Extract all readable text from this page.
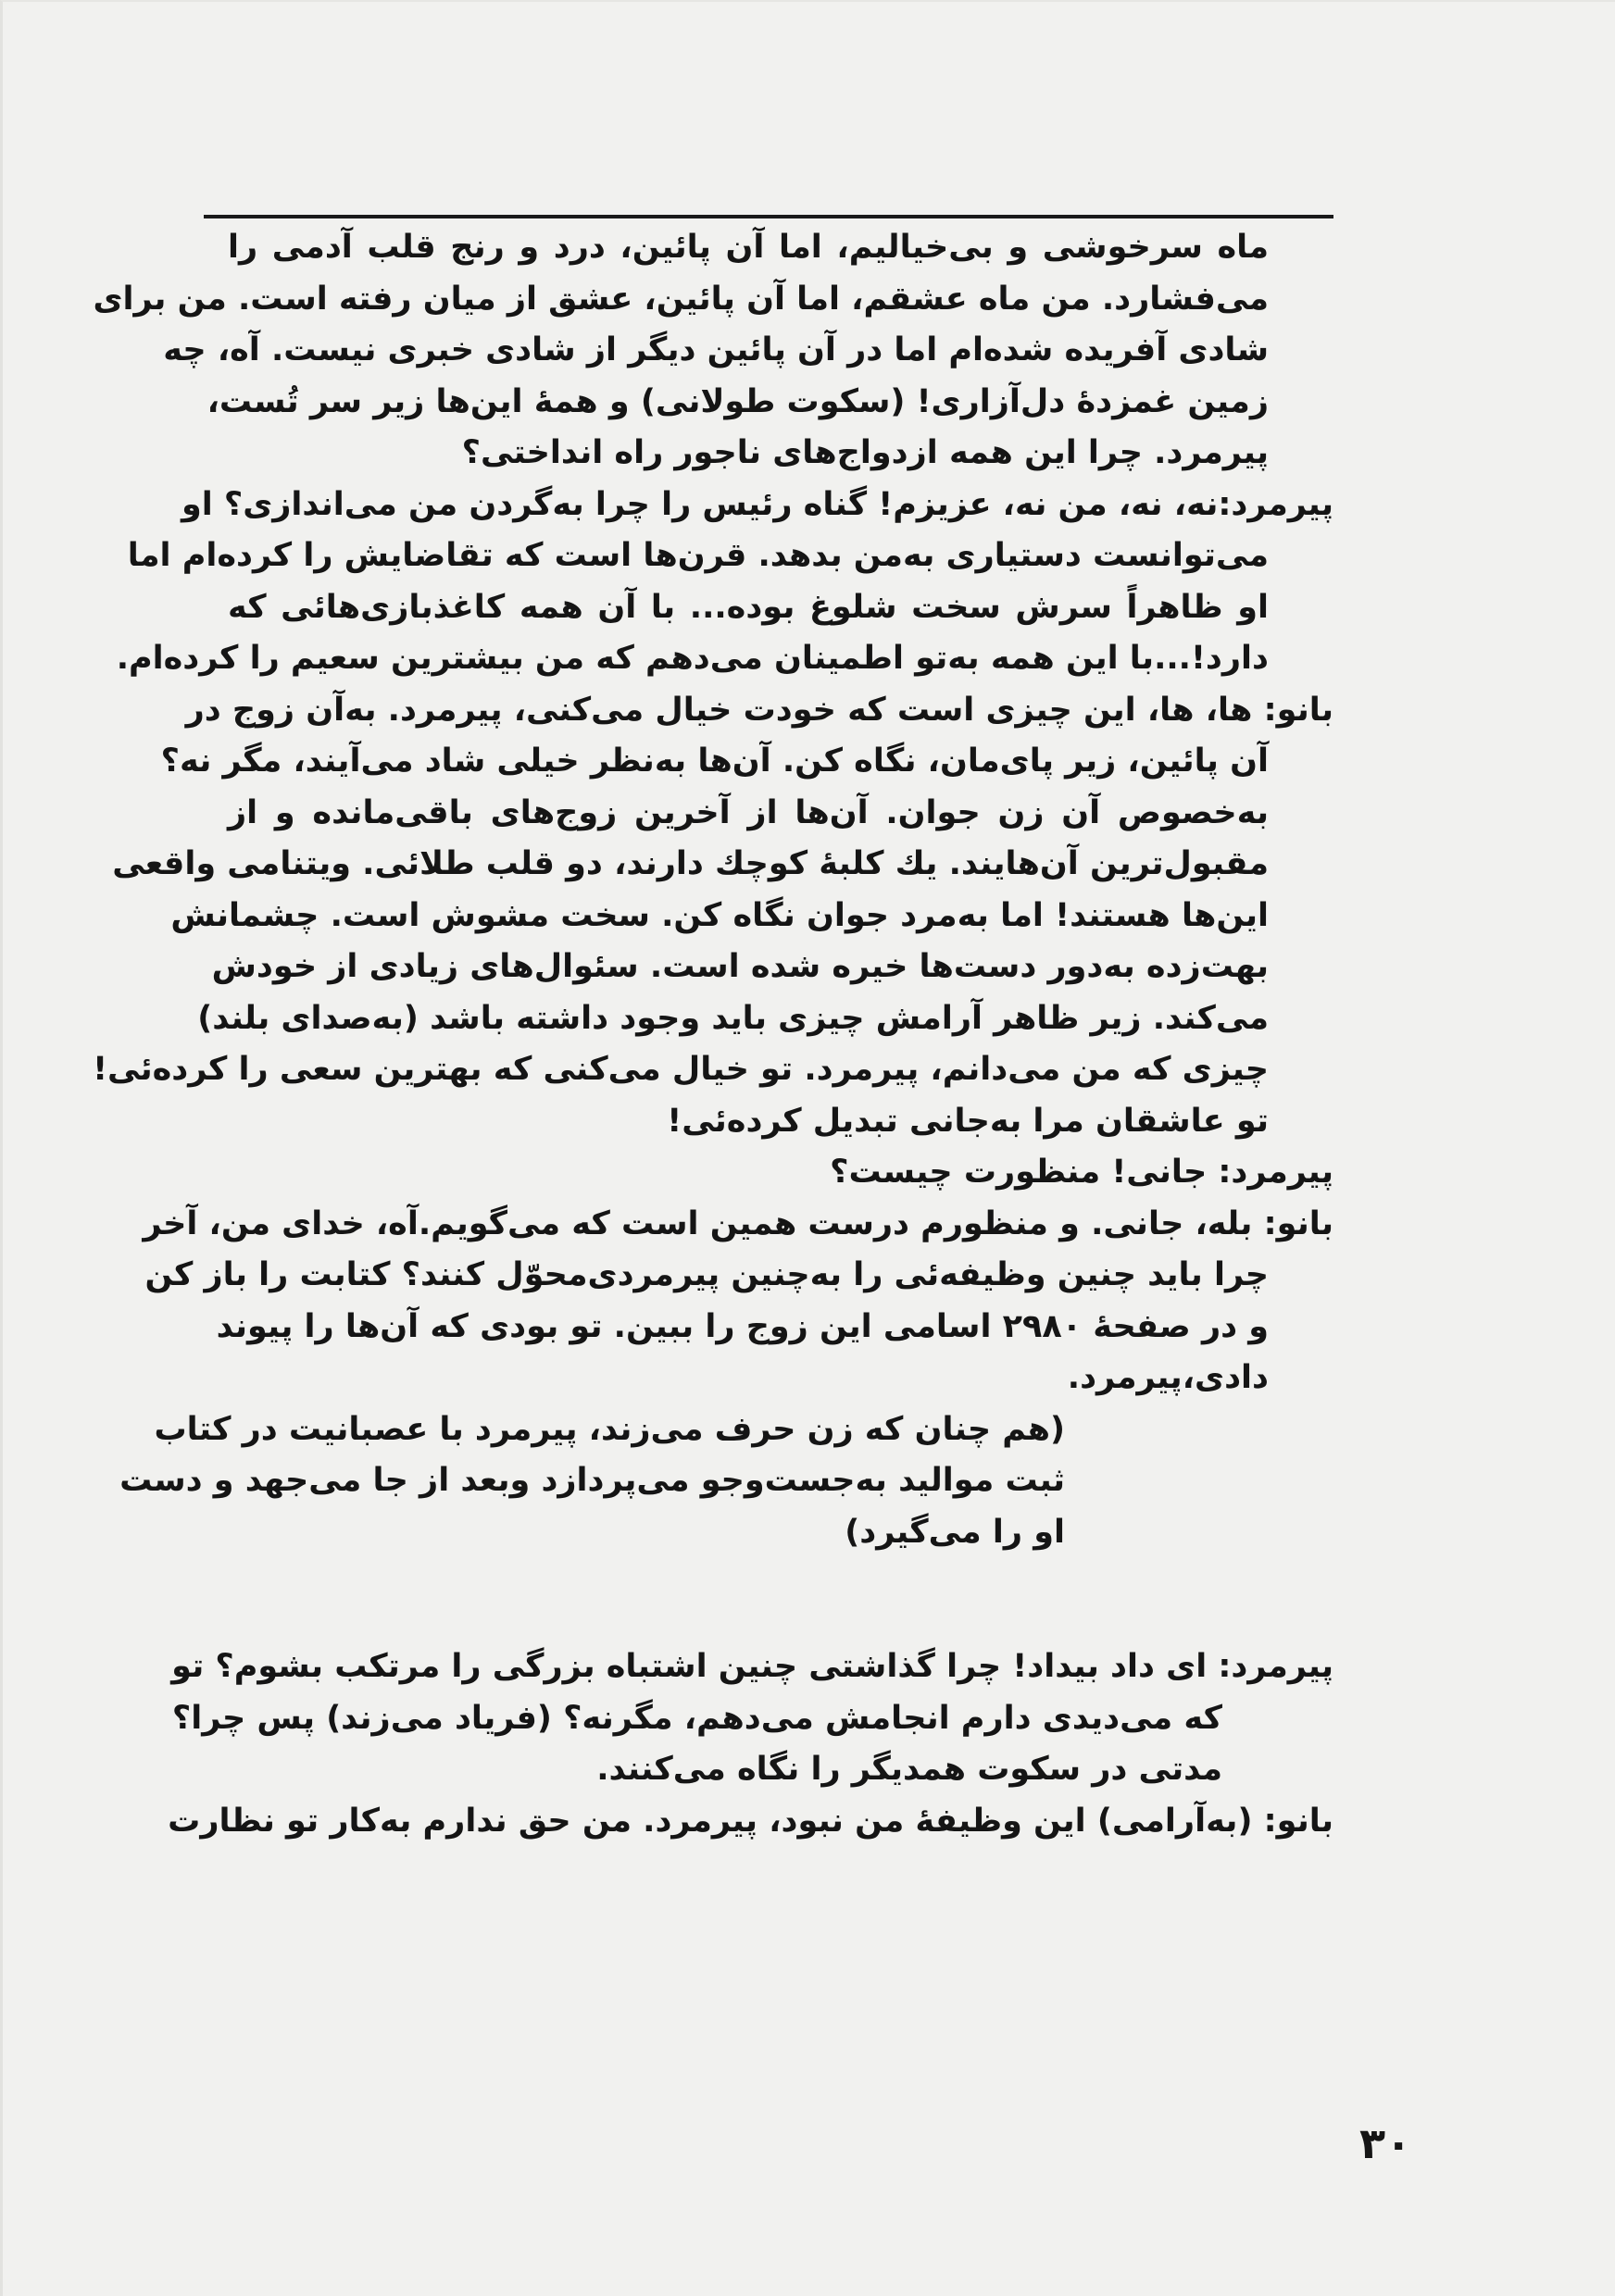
ماه سرخوشی و بی‌خیالیم، اما آن پائین، درد و رنج قلب آدمی را
می‌فشارد. من ماه عشقم، اما آن پائین، عشق از میان رفته است. من برای
شادی آفریده شده‌ام اما در آن پائین دیگر از شادی خبری نیست. آه، چه
زمین غمزدهٔ دل‌آزاری! (سکوت طولانی) و همهٔ این‌ها زیر سر تُست،
پیرمرد. چرا این همه ازدواج‌های ناجور راه انداختی؟
پیرمرد:نه، نه، من نه، عزیزم! گناه رئیس را چرا به‌گردن من می‌اندازی؟ او
می‌توانست دستیاری به‌من بدهد. قرن‌ها است که تقاضایش را کرده‌ام اما
او ظاهراً سرش سخت شلوغ بوده... با آن همه کاغذبازی‌هائی که
دارد!...با این همه به‌تو اطمینان می‌دهم که من بیشترین سعیم را کرده‌ام.
بانو: ها، ها، این چیزی است که خودت خیال می‌کنی، پیرمرد. به‌آن زوج در
آن پائین، زیر پای‌مان، نگاه کن. آن‌ها به‌نظر خیلی شاد می‌آیند، مگر نه؟
به‌خصوص آن زن جوان. آن‌ها از آخرین زوج‌های باقی‌مانده و از
مقبول‌ترین آن‌هایند. یك کلبهٔ کوچك دارند، دو قلب طلائی. ویتنامی واقعی
این‌ها هستند! اما به‌مرد جوان نگاه کن. سخت مشوش است. چشمانش
بهت‌زده به‌دور دست‌ها خیره شده است. سئوال‌های زیادی از خودش
می‌کند. زیر ظاهر آرامش چیزی باید وجود داشته باشد (به‌صدای بلند)
چیزی که من می‌دانم، پیرمرد. تو خیال می‌کنی که بهترین سعی را کرده‌ئی!
تو عاشقان مرا به‌جانی تبدیل کرده‌ئی!
پیرمرد: جانی! منظورت چیست؟
بانو: بله، جانی. و منظورم درست همین است که می‌گویم.آه، خدای من، آخر
چرا باید چنین وظیفه‌ئی را به‌چنین پیرمردی‌محوّل کنند؟ کتابت را باز کن
و در صفحهٔ ۲۹۸۰ اسامی این زوج را ببین. تو بودی که آن‌ها را پیوند
دادی،پیرمرد.
(هم چنان که زن حرف می‌زند، پیرمرد با عصبانیت در کتاب
ثبت موالید به‌جست‌وجو می‌پردازد وبعد از جا می‌جهد و دست
او را می‌گیرد)
پیرمرد: ای داد بیداد! چرا گذاشتی چنین اشتباه بزرگی را مرتکب بشوم؟ تو
که می‌دیدی دارم انجامش می‌دهم، مگرنه؟ (فریاد می‌زند) پس چرا؟
مدتی در سکوت همدیگر را نگاه می‌کنند.
بانو: (به‌آرامی) این وظیفهٔ من نبود، پیرمرد. من حق ندارم به‌کار تو نظارت
۳۰
